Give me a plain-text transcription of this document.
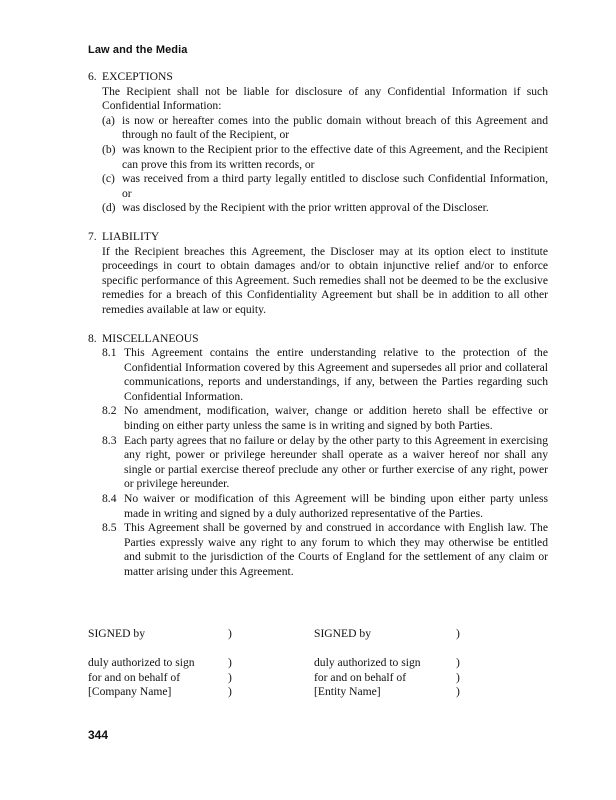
Law and the Media
6. EXCEPTIONS
The Recipient shall not be liable for disclosure of any Confidential Information if such Confidential Information:
(a) is now or hereafter comes into the public domain without breach of this Agreement and through no fault of the Recipient, or
(b) was known to the Recipient prior to the effective date of this Agreement, and the Recipient can prove this from its written records, or
(c) was received from a third party legally entitled to disclose such Confidential Information, or
(d) was disclosed by the Recipient with the prior written approval of the Discloser.
7. LIABILITY
If the Recipient breaches this Agreement, the Discloser may at its option elect to institute proceedings in court to obtain damages and/or to obtain injunctive relief and/or to enforce specific performance of this Agreement. Such remedies shall not be deemed to be the exclusive remedies for a breach of this Confidentiality Agreement but shall be in addition to all other remedies available at law or equity.
8. MISCELLANEOUS
8.1 This Agreement contains the entire understanding relative to the protection of the Confidential Information covered by this Agreement and supersedes all prior and collateral communications, reports and understandings, if any, between the Parties regarding such Confidential Information.
8.2 No amendment, modification, waiver, change or addition hereto shall be effective or binding on either party unless the same is in writing and signed by both Parties.
8.3 Each party agrees that no failure or delay by the other party to this Agreement in exercising any right, power or privilege hereunder shall operate as a waiver hereof nor shall any single or partial exercise thereof preclude any other or further exercise of any right, power or privilege hereunder.
8.4 No waiver or modification of this Agreement will be binding upon either party unless made in writing and signed by a duly authorized representative of the Parties.
8.5 This Agreement shall be governed by and construed in accordance with English law. The Parties expressly waive any right to any forum to which they may otherwise be entitled and submit to the jurisdiction of the Courts of England for the settlement of any claim or matter arising under this Agreement.
SIGNED by	)
duly authorized to sign	)
for and on behalf of	)
[Company Name]	)
SIGNED by	)
duly authorized to sign	)
for and on behalf of	)
[Entity Name]	)
344
